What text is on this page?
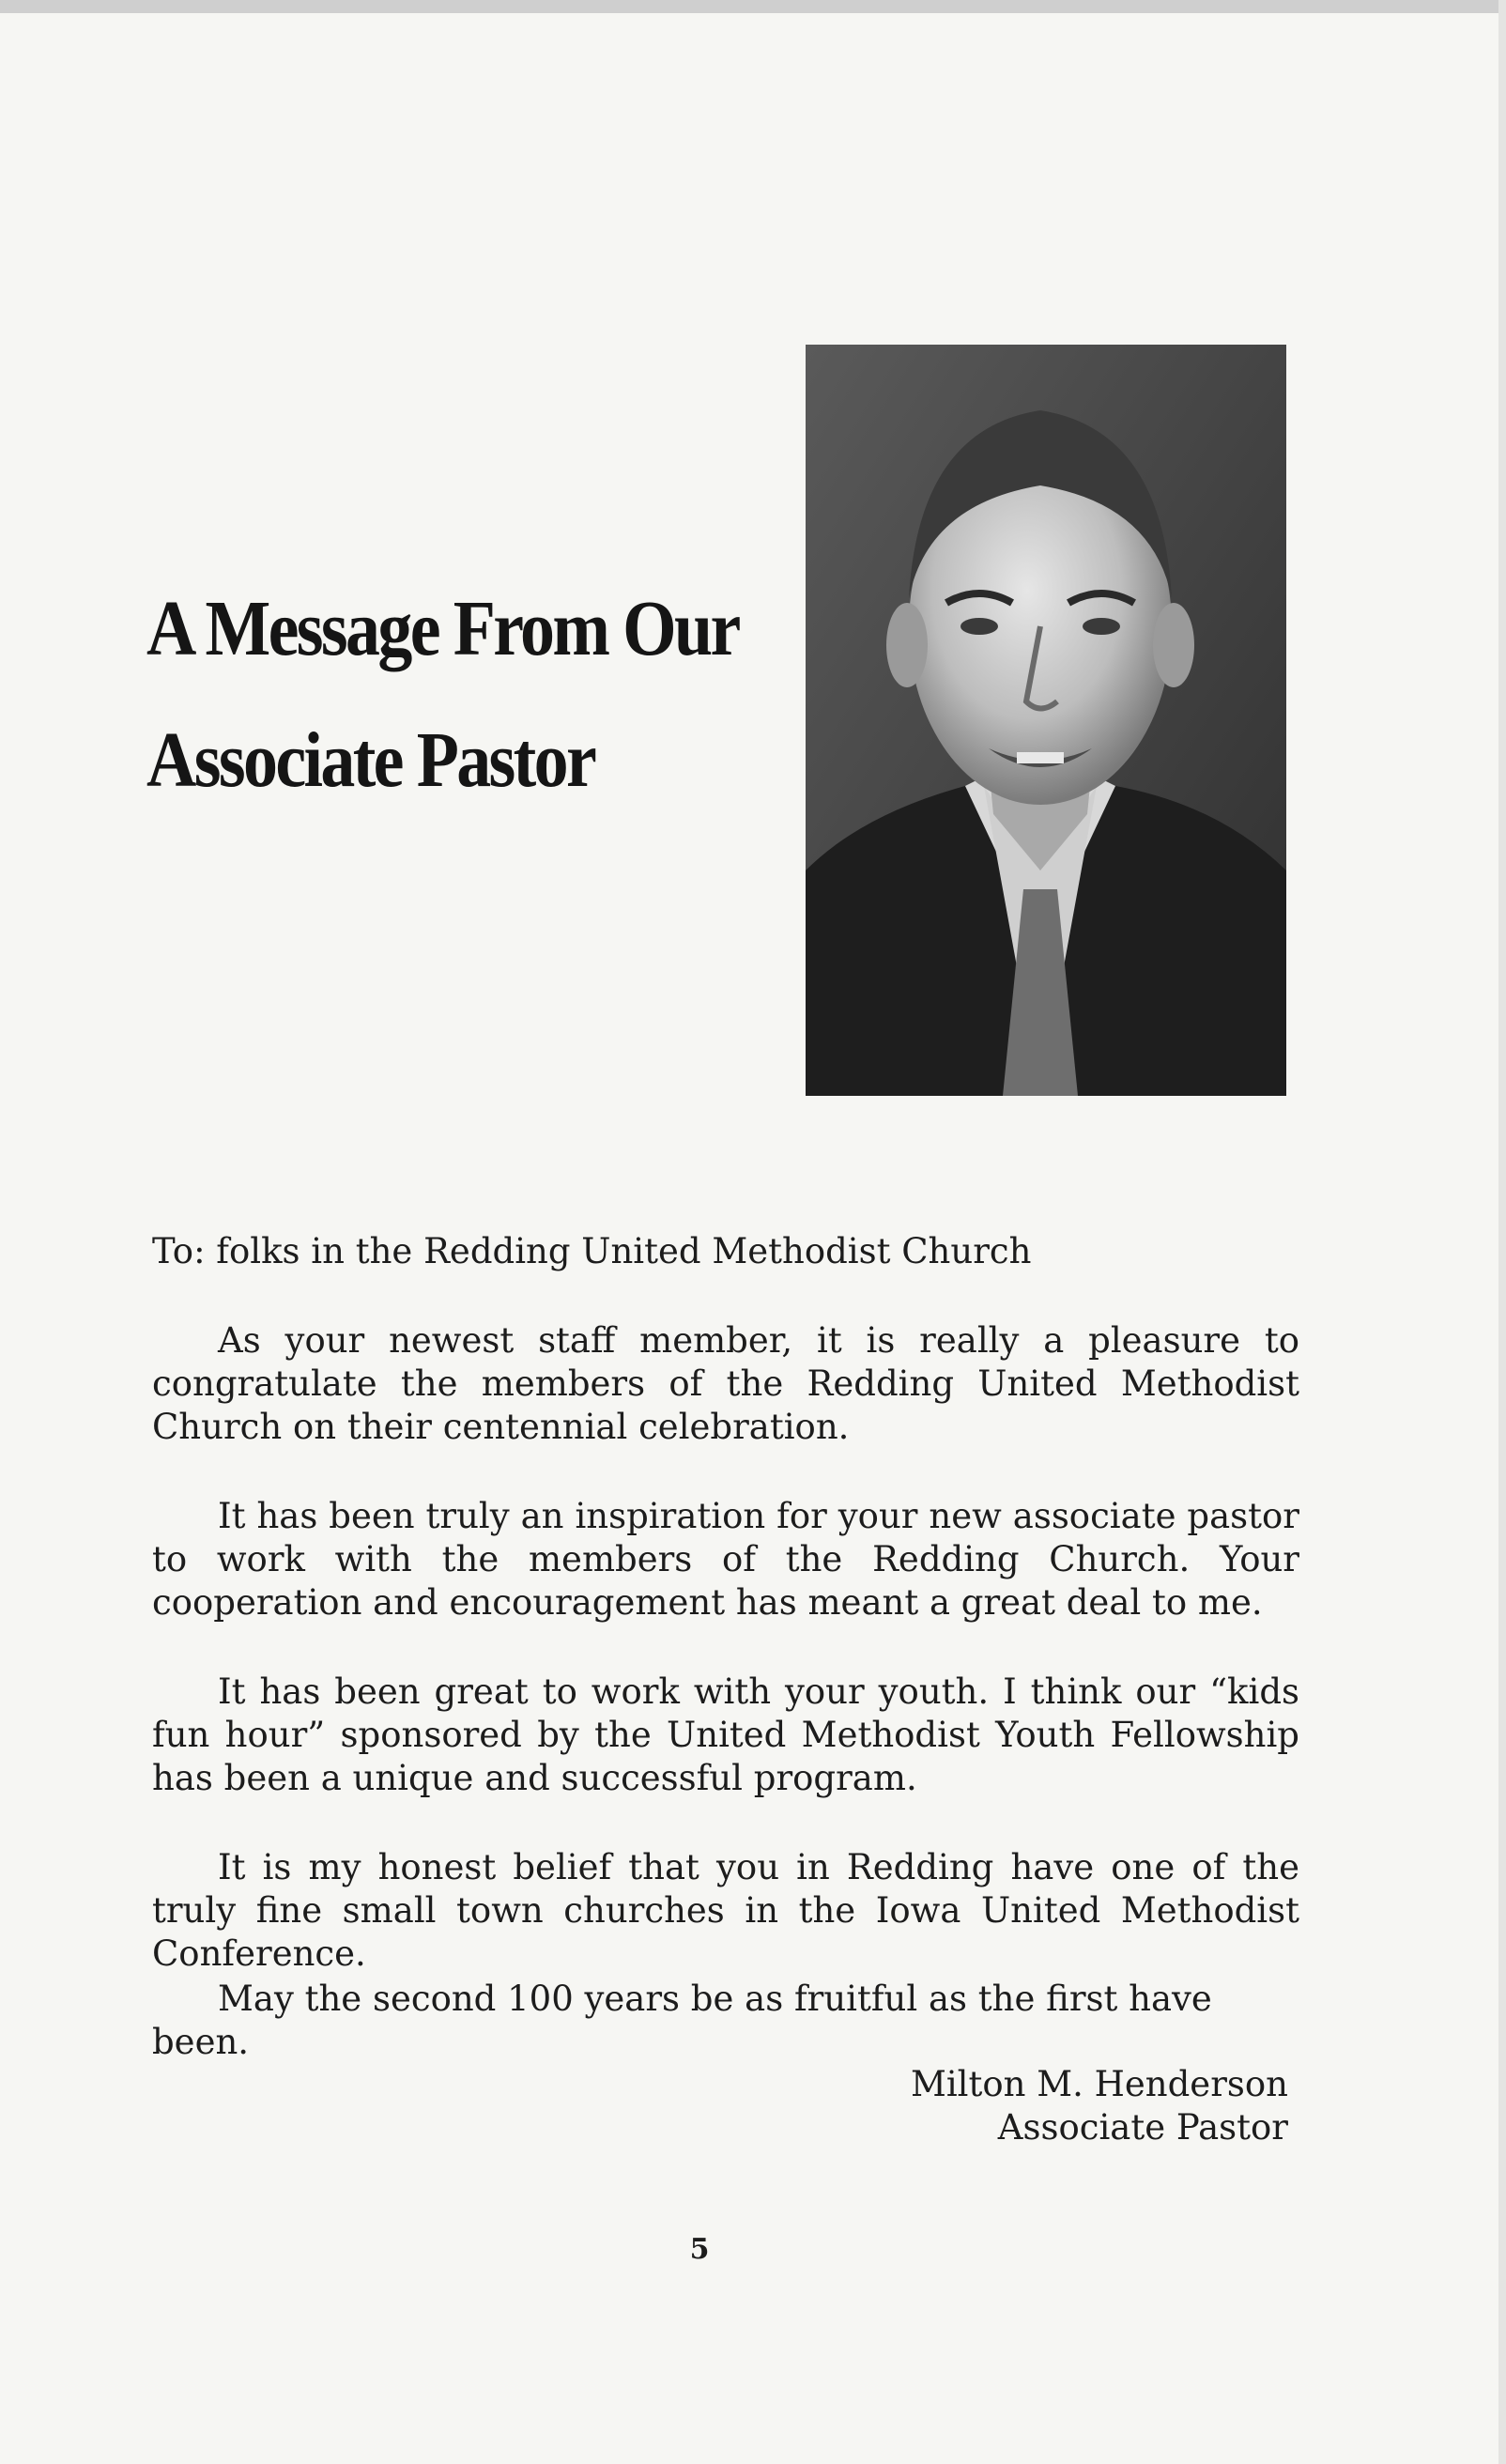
A Message From Our
Associate Pastor

To: folks in the Redding United Methodist Church

As your newest staff member, it is really a pleasure to congratulate the members of the Redding United Methodist Church on their centennial celebration.

It has been truly an inspiration for your new associate pastor to work with the members of the Redding Church. Your cooperation and encouragement has meant a great deal to me.

It has been great to work with your youth. I think our “kids fun hour” sponsored by the United Methodist Youth Fellowship has been a unique and successful program.

It is my honest belief that you in Redding have one of the truly fine small town churches in the Iowa United Methodist Conference.

May the second 100 years be as fruitful as the first have been.

Milton M. Henderson
Associate Pastor
5
